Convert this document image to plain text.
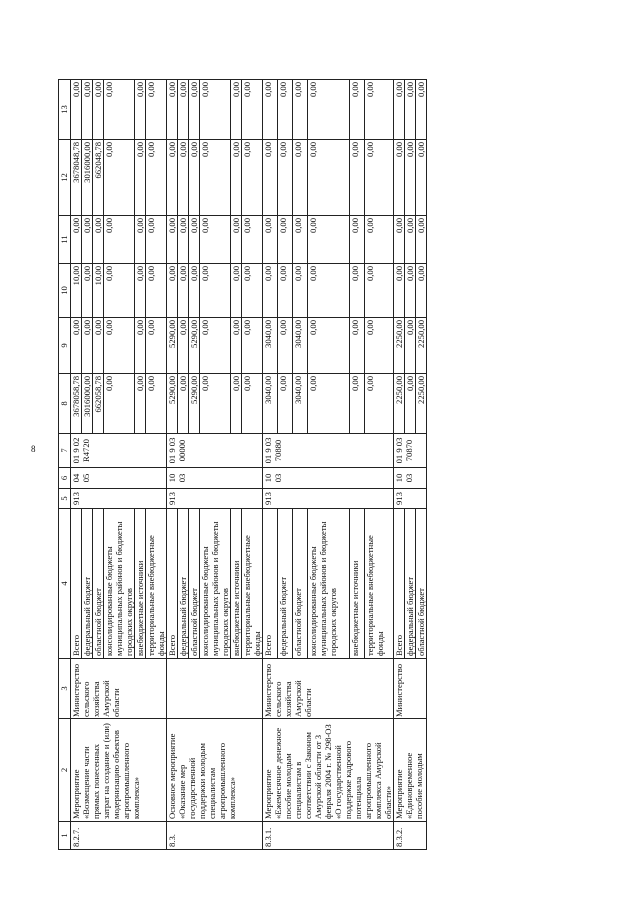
8
1	2	3	4	5	6	7	8	9	10	11	12	13
8.2.7.	Мероприятие «Возмещение части прямых понесенных затрат на создание и (или) модернизацию объектов агропромышленного комплекса»	Министерство сельского хозяйства Амурской области	Всего	913	04 05	01 9 02 R4720	3678058,78	0,00	10,00	0,00	3678048,78	0,00
			федеральный бюджет				3016000,00	0,00	0,00	0,00	3016000,00	0,00
			областной бюджет				662058,78	0,00	10,00	0,00	662048,78	0,00
			консолидированные бюджеты муниципальных районов и бюджеты городских округов				0,00	0,00	0,00	0,00	0,00	0,00
			внебюджетные источники				0,00	0,00	0,00	0,00	0,00	0,00
			территориальные внебюджетные фонды				0,00	0,00	0,00	0,00	0,00	0,00
8.3.	Основное мероприятие «Оказание мер государственной поддержки молодым специалистам агропромышленного комплекса»		Всего	913	10 03	01 9 03 00000	5290,00	5290,00	0,00	0,00	0,00	0,00
			федеральный бюджет				0,00	0,00	0,00	0,00	0,00	0,00
			областной бюджет				5290,00	5290,00	0,00	0,00	0,00	0,00
			консолидированные бюджеты муниципальных районов и бюджеты городских округов				0,00	0,00	0,00	0,00	0,00	0,00
			внебюджетные источники				0,00	0,00	0,00	0,00	0,00	0,00
			территориальные внебюджетные фонды				0,00	0,00	0,00	0,00	0,00	0,00
8.3.1.	Мероприятие «Ежемесячное денежное пособие молодым специалистам в соответствии с Законом Амурской области от 3 февраля 2004 г. № 298-ОЗ «О государственной поддержке кадрового потенциала агропромышленного комплекса Амурской области»	Министерство сельского хозяйства Амурской области	Всего	913	10 03	01 9 03 70880	3040,00	3040,00	0,00	0,00	0,00	0,00
			федеральный бюджет				0,00	0,00	0,00	0,00	0,00	0,00
			областной бюджет				3040,00	3040,00	0,00	0,00	0,00	0,00
			консолидированные бюджеты муниципальных районов и бюджеты городских округов				0,00	0,00	0,00	0,00	0,00	0,00
			внебюджетные источники				0,00	0,00	0,00	0,00	0,00	0,00
			территориальные внебюджетные фонды				0,00	0,00	0,00	0,00	0,00	0,00
8.3.2.	Мероприятие «Единовременное пособие молодым	Министерство	Всего	913	10 03	01 9 03 70870	2250,00	2250,00	0,00	0,00	0,00	0,00
			федеральный бюджет				0,00	0,00	0,00	0,00	0,00	0,00
			областной бюджет				2250,00	2250,00	0,00	0,00	0,00	0,00
